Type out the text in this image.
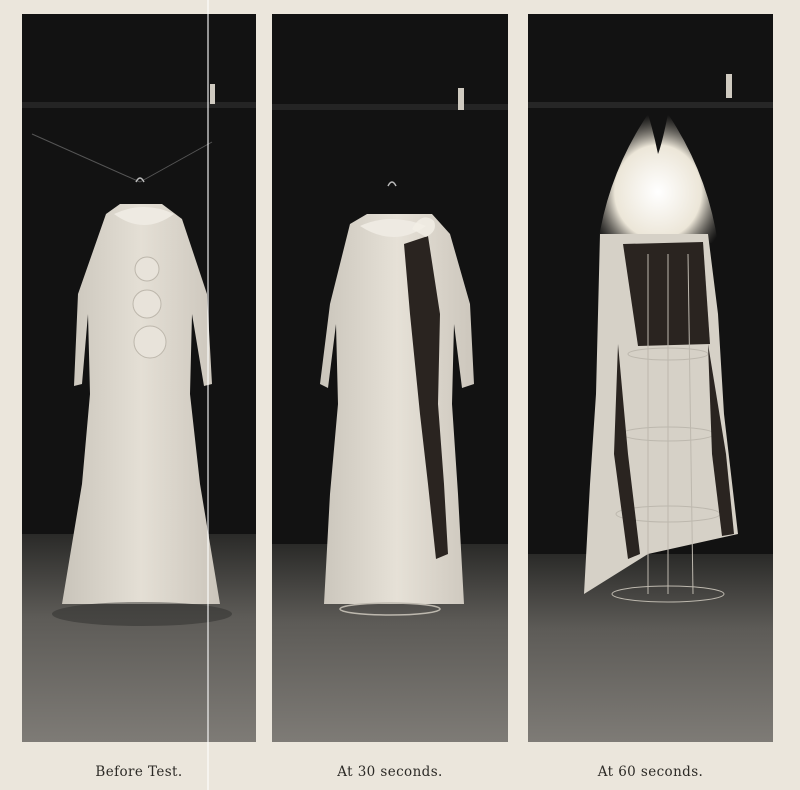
Before Test.	At 30 seconds.	At 60 seconds.
